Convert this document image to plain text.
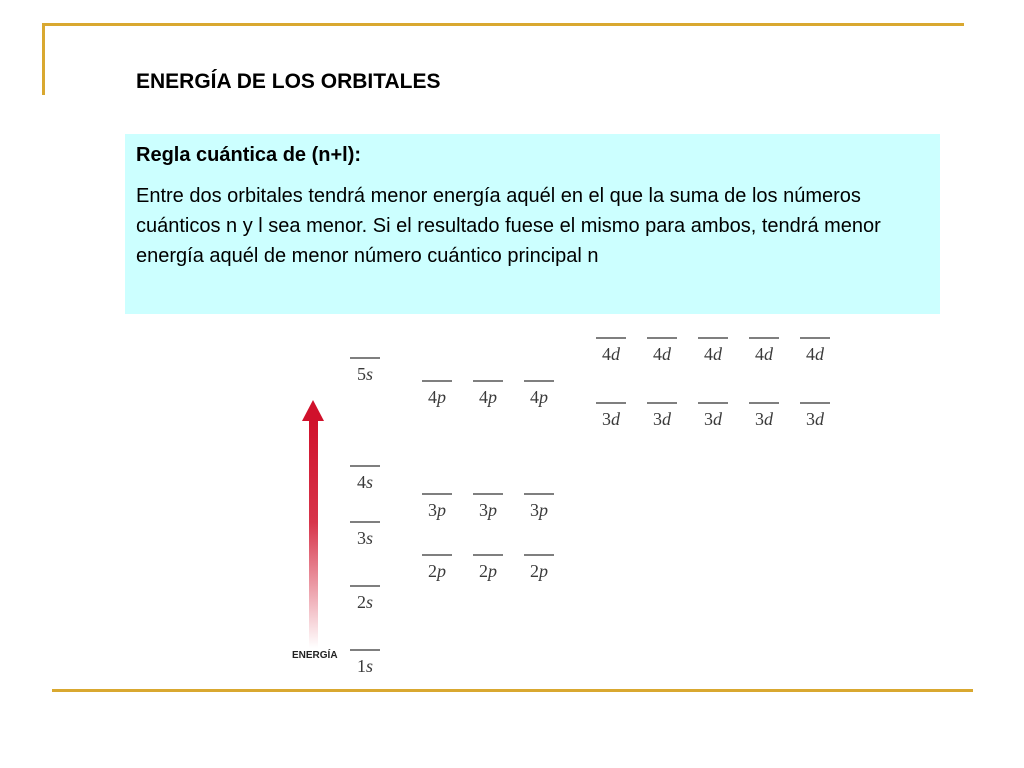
ENERGÍA DE LOS ORBITALES
Regla cuántica de (n+l):
Entre dos orbitales tendrá menor energía aquél en el que la suma de los números cuánticos n y l sea menor. Si el resultado fuese el mismo para ambos, tendrá menor energía aquél de menor número cuántico principal n
ENERGÍA
1s
2s
3s
4s
5s
2p 2p 2p
3p 3p 3p
4p 4p 4p
3d 3d 3d 3d 3d
4d 4d 4d 4d 4d
